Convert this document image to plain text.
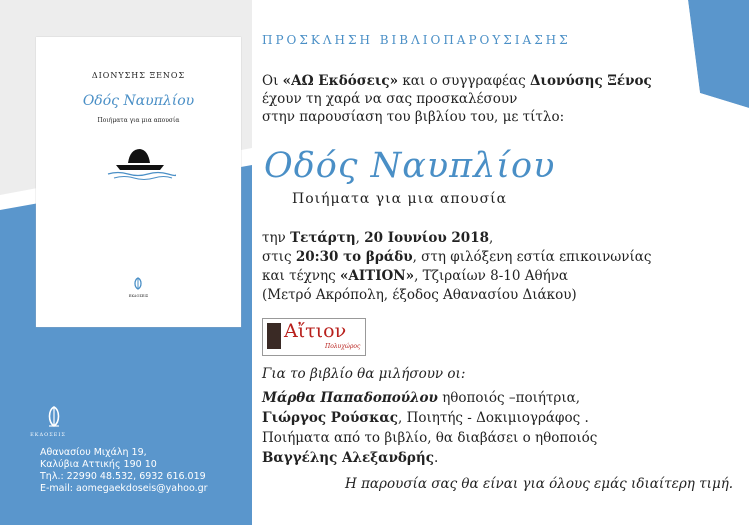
ΔΙΟΝΥΣΗΣ ΞΕΝΟΣ
Οδός Ναυπλίου
Ποιήματα για μια απουσία
ΕΚΔΟΣΕΙΣ
ΠΡΟΣΚΛΗΣΗ ΒΙΒΛΙΟΠΑΡΟΥΣΙΑΣΗΣ
Οι «ΑΩ Εκδόσεις» και ο συγγραφέας Διονύσης Ξένος
έχουν τη χαρά να σας προσκαλέσουν
στην παρουσίαση του βιβλίου του, με τίτλο:
Οδός Ναυπλίου
Ποιήματα για μια απουσία
την Τετάρτη, 20 Ιουνίου 2018,
στις 20:30 το βράδυ, στη φιλόξενη εστία επικοινωνίας
και τέχνης «ΑΙΤΙΟΝ», Τζιραίων 8-10 Αθήνα
(Μετρό Ακρόπολη, έξοδος Αθανασίου Διάκου)
Αἴτιον
Πολυχώρος
Για το βιβλίο θα μιλήσουν οι:
Μάρθα Παπαδοπούλου ηθοποιός –ποιήτρια,
Γιώργος Ρούσκας, Ποιητής - Δοκιμιογράφος .
Ποιήματα από το βιβλίο, θα διαβάσει ο ηθοποιός
Βαγγέλης Αλεξανδρής.
Η παρουσία σας θα είναι για όλους εμάς ιδιαίτερη τιμή.
ΕΚΔΟΣΕΙΣ
Αθανασίου Μιχάλη 19,
Καλύβια Αττικής 190 10
Τηλ.: 22990 48.532, 6932 616.019
E-mail: aomegaekdoseis@yahoo.gr
